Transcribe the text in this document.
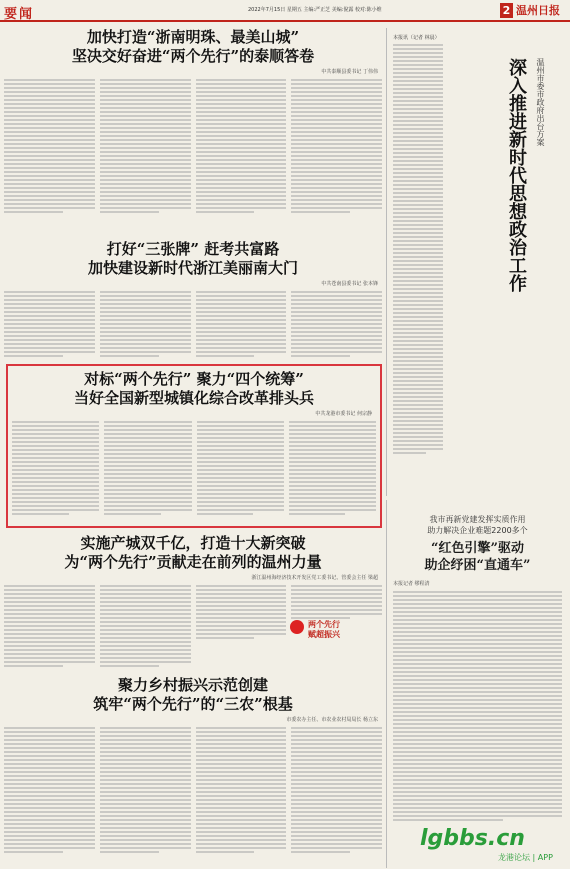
要闻	2022年7月15日 星期五 主编:严正芝 美编:倪露 校对:陈小维	2 温州日报
加快打造“浙南明珠、最美山城”
坚决交好奋进“两个先行”的泰顺答卷
中共泰顺县委书记 丁伟伟
打好“三张牌” 赶考共富路
加快建设新时代浙江美丽南大门
中共苍南县委书记 张本锋
对标“两个先行” 聚力“四个统筹”
当好全国新型城镇化综合改革排头兵
中共龙港市委书记 何宗静
实施产城双千亿，打造十大新突破
为“两个先行”贡献走在前列的温州力量
浙江温州海经济技术开发区党工委书记、管委会主任 梁超
两个先行
赋超振兴
聚力乡村振兴示范创建
筑牢“两个先行”的“三农”根基
市委农办主任、市农业农村局局长 杨立东
本报讯（记者 林晨）
深入推进新时代思想政治工作 温州市委市政府出台方案
我市再新党建发挥实质作用
助力解决企业难题2200多个
“红色引擎”驱动
助企纾困“直通车”
本报记者 缪程清
lgbbs.cn
龙港论坛 | APP
